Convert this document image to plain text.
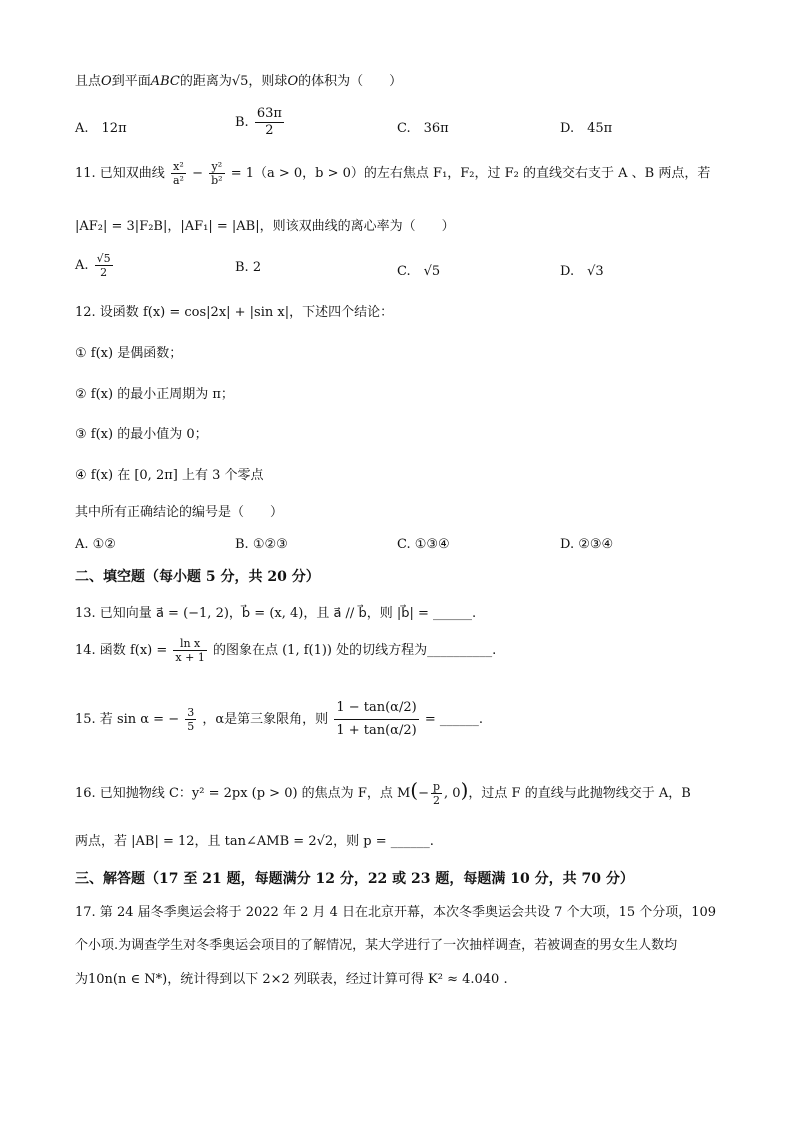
且点O到平面ABC的距离为√5，则球O的体积为（　　）
A.　12π	B. $\frac{63\pi}{2}$	C.　36π	D.　45π
11. 已知双曲线 $\frac{\text{x²}}{\text{a²}} - \frac{\text{y²}}{\text{b²}} = 1(a > 0$，b > 0）的左右焦点 F₁，F₂，过 F₂ 的直线交右支于 A 、B 两点，若
|AF₂| = 3|F₂B|，|AF₁| = |AB|，则该双曲线的离心率为（　　）
A. $\frac{√5}{2}$	B. 2	C.　√5	D.　√3
12. 设函数 f(x) = cos|2x| + |sin x|，下述四个结论：
① f(x) 是偶函数；
② f(x) 的最小正周期为 π；
③ f(x) 的最小值为 0；
④ f(x) 在 [0, 2π] 上有 3 个零点
其中所有正确结论的编号是（　　）
A. ①②	B. ①②③	C. ①③④	D. ②③④
二、填空题（每小题 5 分，共 20 分）
13. 已知向量 a⃗ = (−1, 2)，b⃗ = (x, 4)，且 a⃗ // b⃗，则 |b⃗| = ______.
14. 函数 $f(x) = \frac{\text{ln x}}{x + 1}$ 的图象在点 (1, f(1)) 处的切线方程为__________.
15. 若 sin α = − $\frac{3}{5}$ ，α是第三象限角，则 $\frac{1 - \tan(\alpha/2)}{1 + \tan(\alpha/2)}$ = ______.
16. 已知抛物线 C：y² = 2px (p > 0) 的焦点为 F，点 $M(- \frac{p}{2}$ , 0)，过点 F 的直线与此抛物线交于 A，B
两点，若 |AB| = 12，且 tan∠AMB = 2√2，则 p = ______.
三、解答题（17 至 21 题，每题满分 12 分，22 或 23 题，每题满 10 分，共 70 分）
17. 第 24 届冬季奥运会将于 2022 年 2 月 4 日在北京开幕，本次冬季奥运会共设 7 个大项，15 个分项，109
个小项.为调查学生对冬季奥运会项目的了解情况，某大学进行了一次抽样调查，若被调查的男女生人数均
为10n(n ∈ N*)，统计得到以下 2×2 列联表，经过计算可得 K² ≈ 4.040 .
